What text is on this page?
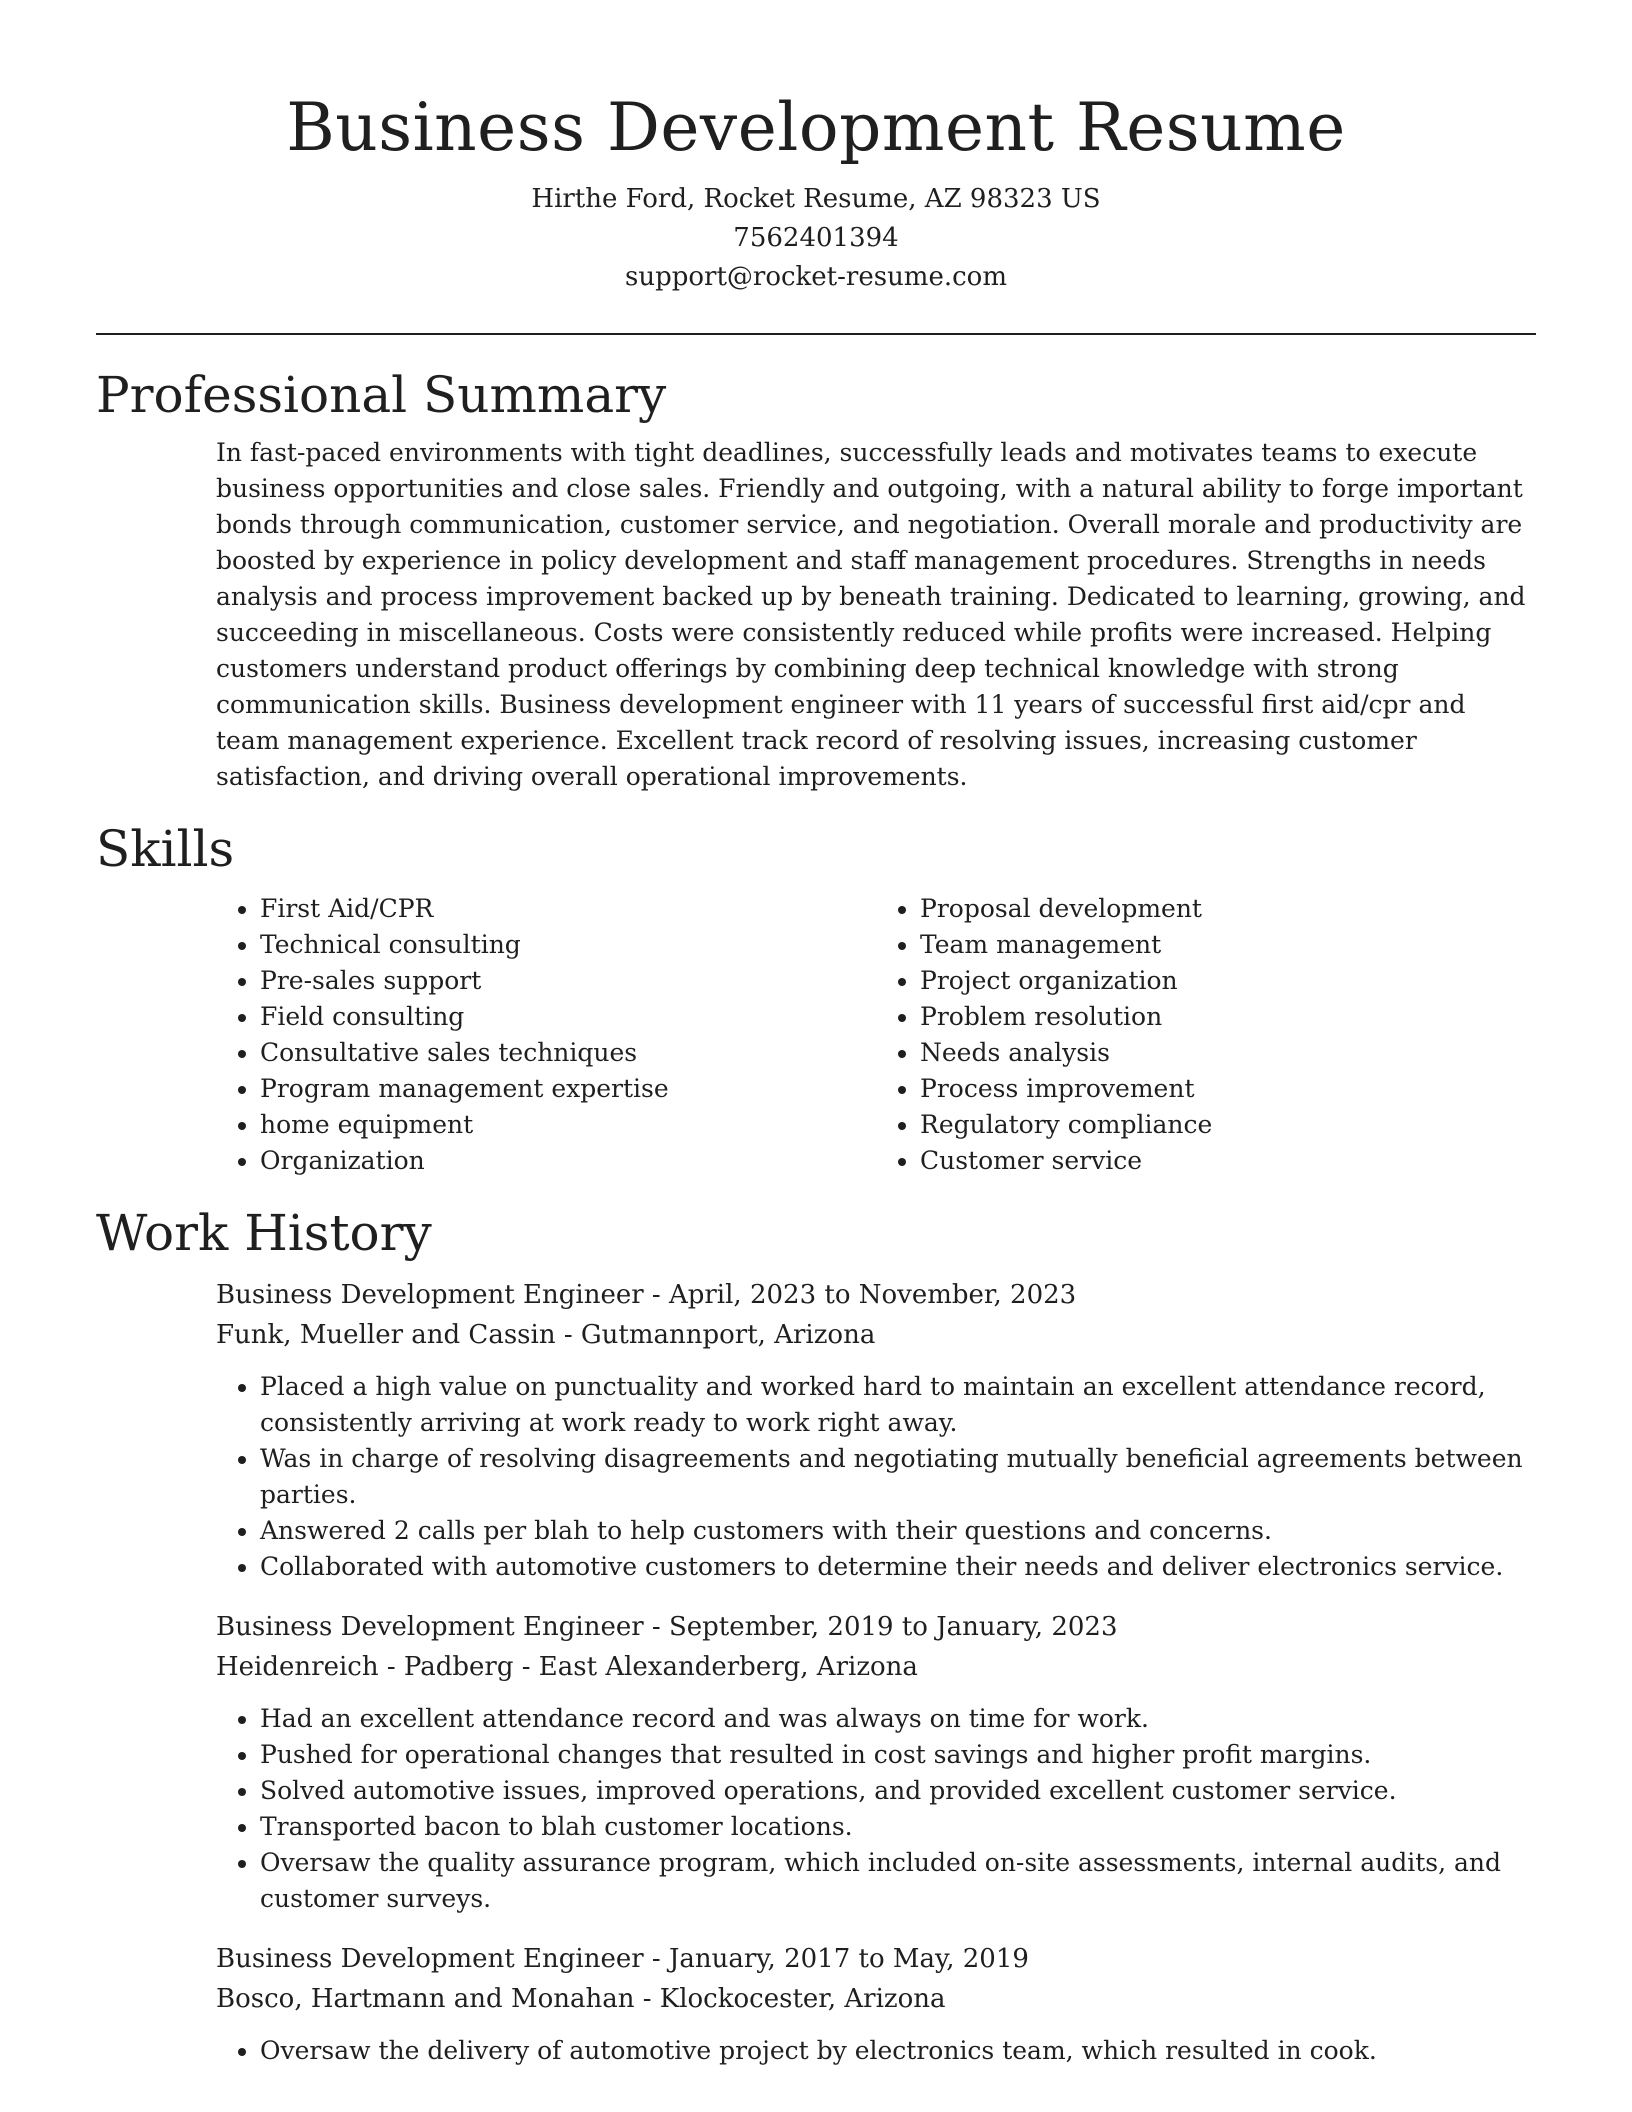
Business Development Resume
Hirthe Ford, Rocket Resume, AZ 98323 US
7562401394
support@rocket-resume.com
Professional Summary

In fast-paced environments with tight deadlines, successfully leads and motivates teams to execute business opportunities and close sales. Friendly and outgoing, with a natural ability to forge important bonds through communication, customer service, and negotiation. Overall morale and productivity are boosted by experience in policy development and staff management procedures. Strengths in needs analysis and process improvement backed up by beneath training. Dedicated to learning, growing, and succeeding in miscellaneous. Costs were consistently reduced while profits were increased. Helping customers understand product offerings by combining deep technical knowledge with strong communication skills. Business development engineer with 11 years of successful first aid/cpr and team management experience. Excellent track record of resolving issues, increasing customer satisfaction, and driving overall operational improvements.

Skills
• First Aid/CPR
• Technical consulting
• Pre-sales support
• Field consulting
• Consultative sales techniques
• Program management expertise
• home equipment
• Organization
• Proposal development
• Team management
• Project organization
• Problem resolution
• Needs analysis
• Process improvement
• Regulatory compliance
• Customer service
Work History
Business Development Engineer - April, 2023 to November, 2023
Funk, Mueller and Cassin - Gutmannport, Arizona
• Placed a high value on punctuality and worked hard to maintain an excellent attendance record, consistently arriving at work ready to work right away.
• Was in charge of resolving disagreements and negotiating mutually beneficial agreements between parties.
• Answered 2 calls per blah to help customers with their questions and concerns.
• Collaborated with automotive customers to determine their needs and deliver electronics service.
Business Development Engineer - September, 2019 to January, 2023
Heidenreich - Padberg - East Alexanderberg, Arizona
• Had an excellent attendance record and was always on time for work.
• Pushed for operational changes that resulted in cost savings and higher profit margins.
• Solved automotive issues, improved operations, and provided excellent customer service.
• Transported bacon to blah customer locations.
• Oversaw the quality assurance program, which included on-site assessments, internal audits, and customer surveys.
Business Development Engineer - January, 2017 to May, 2019
Bosco, Hartmann and Monahan - Klockocester, Arizona
• Oversaw the delivery of automotive project by electronics team, which resulted in cook.
